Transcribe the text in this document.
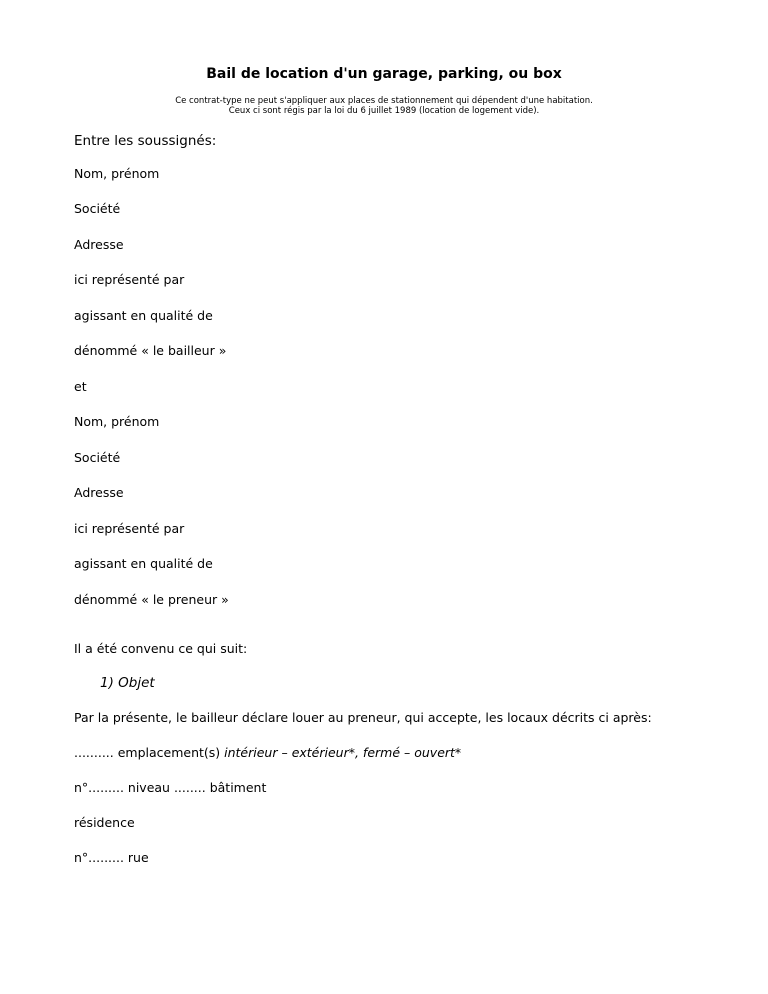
Bail de location d'un garage, parking, ou box
Ce contrat-type ne peut s'appliquer aux places de stationnement qui dépendent d'une habitation.
Ceux ci sont régis par la loi du 6 juillet 1989 (location de logement vide).

Entre les soussignés:

Nom, prénom

Société

Adresse

ici représenté par

agissant en qualité de

dénommé « le bailleur »

et

Nom, prénom

Société

Adresse

ici représenté par

agissant en qualité de

dénommé « le preneur »

Il a été convenu ce qui suit:

1) Objet

Par la présente, le bailleur déclare louer au preneur, qui accepte, les locaux décrits ci après:

.......... emplacement(s) intérieur – extérieur*, fermé – ouvert*

n°......... niveau ........ bâtiment

résidence

n°......... rue
